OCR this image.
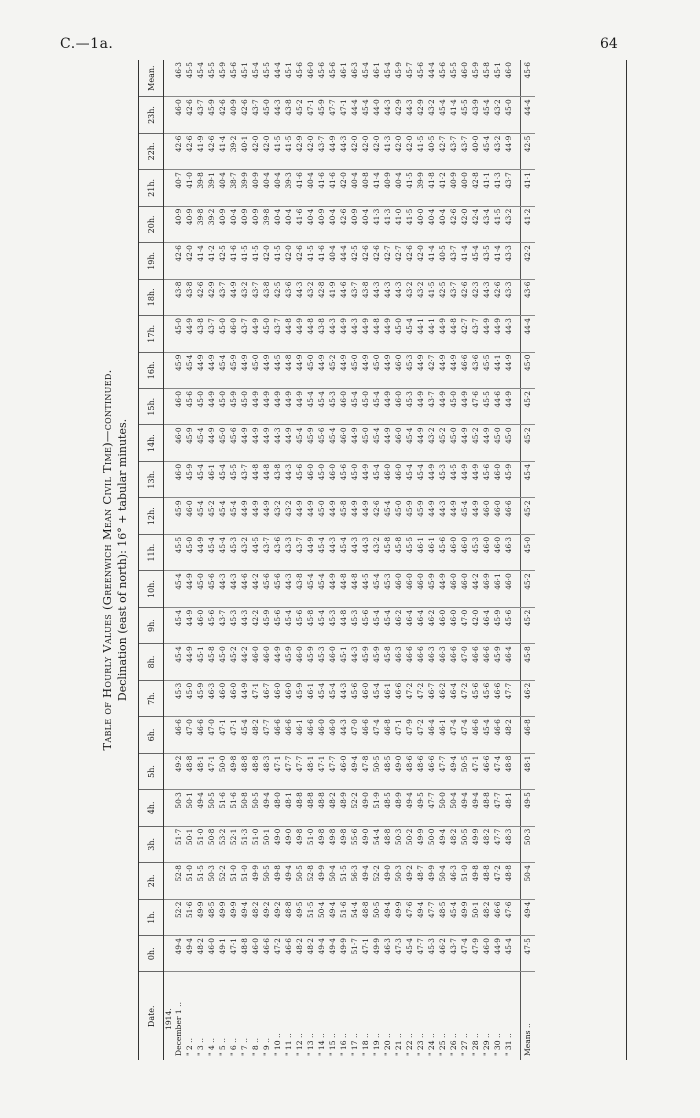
C.—1a.	64
Table of Hourly Values (Greenwich Mean Civil Time)—continued. Declination (east of north): 16° + tabular minutes.
Date.	0h.	1h.	2h.	3h.	4h.	5h.	6h.	7h.	8h.	9h.	10h.	11h.	12h.	13h.	14h.	15h.	16h.	17h.	18h.	19h.	20h.	21h.	22h.	23h.	Mean.
1914.																									
December 1 ..	49·4	52·2	52·8	51·7	50·3	49·2	46·6	45·3	45·4	45·4	45·4	45·5	45·9	46·0	46·0	46·0	45·9	45·0	43·8	42·6	40·9	40·7	42·6	46·0	46·3
" 2 ..	49·4	51·6	51·0	50·1	50·1	48·8	47·0	45·0	44·9	44·9	44·9	45·0	46·0	45·9	45·9	45·6	45·4	44·9	43·8	42·0	40·9	41·0	42·6	42·6	45·5
" 3 ..	48·2	49·9	51·5	51·0	49·4	48·1	46·6	45·9	45·1	46·0	45·0	44·9	45·4	45·4	45·4	45·0	44·9	43·8	42·6	41·4	39·8	39·8	41·9	43·7	45·4
" 4 ..	46·0	48·5	50·3	50·8	50·5	47·1	47·0	46·3	45·8	45·6	45·6	45·4	45·2	46·1	44·9	44·9	44·9	43·7	42·9	41·2	39·2	39·1	42·6	45·9	45·5
" 5 ..	49·1	49·9	52·2	53·2	51·6	50·0	47·1	46·0	45·0	43·7	44·3	45·4	45·4	45·4	45·0	45·0	45·4	45·0	43·7	42·5	40·9	40·4	41·4	42·6	45·9
" 6 ..	47·1	49·9	51·0	52·1	51·6	49·8	47·1	46·0	45·2	45·3	44·3	45·3	45·4	45·5	45·6	45·9	45·9	46·0	44·9	41·6	40·4	38·7	39·2	40·9	45·6
" 7 ..	48·8	49·4	51·0	51·3	50·8	48·8	45·4	44·9	44·2	44·3	44·6	43·2	44·9	43·7	44·9	45·0	44·9	43·7	43·2	41·5	40·9	39·9	40·1	42·6	45·1
" 8 ..	46·0	48·2	49·9	51·0	50·5	48·8	48·2	47·1	46·0	42·2	44·2	44·5	44·9	44·8	44·9	44·9	45·0	44·9	43·7	41·5	40·9	40·9	42·0	43·7	45·4
" 9 ..	46·6	49·2	50·5	50·1	49·4	48·3	47·7	46·7	46·0	45·9	45·6	43·7	44·9	44·8	44·9	44·9	44·9	45·0	43·8	42·0	39·8	40·4	42·0	45·0	45·5
" 10 ..	47·2	49·2	49·8	49·0	48·0	47·1	46·6	46·0	44·9	45·6	45·6	43·6	43·2	43·8	44·3	44·9	44·5	43·7	42·5	41·5	40·4	40·4	41·5	44·3	44·4
" 11 ..	46·6	48·8	49·4	49·0	48·1	47·7	46·6	46·0	45·9	45·4	44·3	43·3	43·2	44·3	44·9	44·9	44·8	44·8	43·6	42·0	40·4	39·3	41·5	43·8	45·1
" 12 ..	48·2	49·5	50·5	49·8	48·8	47·7	46·1	45·9	46·0	45·6	43·8	43·7	44·9	45·6	45·4	44·9	44·9	44·9	44·3	42·6	41·6	41·6	42·9	45·2	45·6
" 13 ..	48·2	51·5	52·8	51·0	48·8	48·1	46·6	46·1	45·9	45·8	45·4	44·9	44·9	46·0	45·9	45·4	45·0	44·8	43·2	41·5	40·4	40·4	42·0	47·1	46·0
" 14 ..	49·4	50·4	49·9	49·8	48·8	47·1	46·0	45·4	45·3	45·4	45·4	45·4	45·0	45·0	45·6	45·4	44·9	43·8	42·8	41·6	40·9	41·6	43·7	45·9	45·6
" 15 ..	49·4	49·4	50·4	49·8	48·2	47·7	46·0	45·4	46·0	45·3	44·9	44·3	44·9	46·0	45·4	45·3	45·2	44·3	41·9	40·4	40·4	41·6	44·9	47·7	45·6
" 16 ..	49·9	51·6	51·5	49·8	48·9	46·0	44·3	44·3	45·1	44·8	44·8	45·4	45·8	45·6	46·0	46·0	44·9	44·9	44·6	44·4	42·6	42·0	44·3	47·1	46·1
" 17 ..	51·7	54·4	56·3	55·6	52·2	49·4	47·0	45·6	44·3	45·3	44·8	44·3	44·9	45·0	44·9	45·4	45·0	44·3	43·7	42·5	40·9	40·4	42·0	44·4	46·3
" 18 ..	47·1	48·8	49·4	49·0	49·0	47·8	46·6	46·0	45·9	45·6	44·5	44·3	44·9	44·9	45·0	45·0	44·9	44·9	43·8	42·6	40·4	40·8	42·0	45·4	45·4
" 19 ..	49·9	50·5	52·2	54·4	51·9	50·5	47·4	45·4	45·9	45·4	45·4	43·2	42·6	45·4	45·4	45·4	45·0	44·8	44·3	42·6	41·3	41·4	42·0	44·0	46·1
" 20 ..	46·3	49·4	49·0	48·8	48·5	48·5	46·8	46·1	45·8	45·4	45·3	45·8	45·4	46·0	44·9	44·9	44·9	44·9	44·3	42·7	41·3	40·9	41·3	44·3	45·4
" 21 ..	47·3	49·9	50·3	50·3	48·9	49·0	47·1	46·6	46·3	46·2	46·0	45·8	45·0	46·0	46·0	46·0	46·0	45·0	44·3	42·7	41·0	40·4	42·0	42·9	45·9
" 22 ..	45·4	47·6	49·2	50·2	49·4	48·6	47·9	47·2	46·6	46·4	46·0	45·5	45·9	45·4	45·4	45·3	45·3	45·4	43·2	42·6	41·5	41·5	42·0	44·3	45·7
" 23 ..	47·7	49·4	48·7	49·9	49·5	48·6	47·2	47·2	46·6	46·4	46·0	46·1	45·9	45·4	44·9	44·9	44·9	44·1	43·2	42·0	40·0	39·9	41·5	42·9	45·6
" 24 ..	45·3	47·7	49·9	50·0	47·7	46·6	46·4	46·7	46·3	46·2	45·9	46·1	44·9	44·9	43·2	43·7	42·7	44·1	41·5	41·4	40·4	41·8	40·5	43·2	44·4
" 25 ..	46·2	48·5	50·4	49·4	50·0	47·7	46·1	46·2	46·3	46·0	44·9	45·6	44·3	45·3	45·2	44·9	44·9	44·9	42·5	40·5	40·4	41·2	42·7	45·4	45·6
" 26 ..	43·7	45·4	46·3	48·2	50·4	49·4	47·4	46·4	46·6	46·0	46·0	46·0	44·9	44·5	45·0	45·0	44·9	44·8	43·7	43·7	42·6	40·9	43·7	41·4	45·5
" 27 ..	47·4	49·9	51·0	50·5	49·4	50·5	47·4	47·2	47·0	47·0	46·0	46·0	45·4	44·9	44·9	44·9	46·6	42·7	42·6	41·4	42·0	40·0	43·7	45·5	46·0
" 28 ..	47·9	50·1	49·8	49·9	49·4	47·1	46·6	45·6	46·6	42·0	44·2	45·3	44·9	44·9	45·2	47·6	43·6	43·7	42·3	45·4	42·4	42·8	40·0	43·9	45·9
" 29 ..	46·0	48·2	48·8	48·2	48·8	46·6	45·4	45·6	46·6	46·4	46·9	46·0	46·0	45·6	44·9	45·5	45·5	44·9	44·3	43·5	43·4	41·1	45·4	45·4	45·8
" 30 ..	44·9	46·6	47·2	47·7	47·7	47·4	46·6	46·6	45·9	45·9	46·1	46·0	46·0	46·0	45·0	44·6	44·1	44·9	42·6	41·4	41·5	41·3	43·2	43·2	45·1
" 31 ..	45·4	47·6	48·8	48·3	48·1	48·8	48·2	47·7	46·4	45·6	46·0	46·3	46·6	45·9	45·0	44·9	44·9	44·3	43·3	43·3	43·2	43·7	44·9	45·0	46·0

Means ..	47·5	49·4	50·4	50·3	49·5	48·1	46·8	46·2	45·8	45·2	45·2	45·0	45·2	45·4	45·2	45·2	45·0	44·4	43·6	42·2	41·2	41·1	42·5	44·4	45·6
